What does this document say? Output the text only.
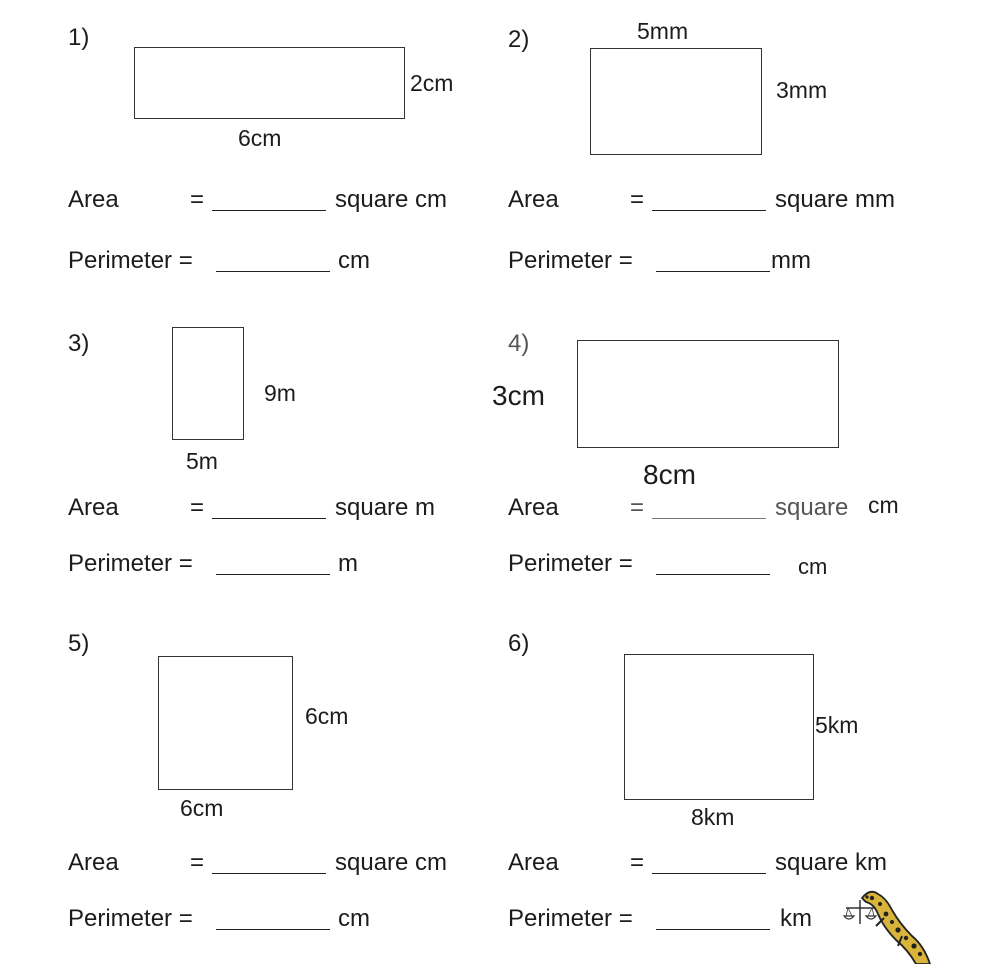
1)
2cm
6cm
Area	=	square cm
Perimeter =	cm
2)	5mm
3mm
Area	=	square mm
Perimeter =	mm
3)
9m
5m
Area	=	square m
Perimeter =	m
4)
3cm
8cm
Area	=	square cm
Perimeter =	cm
5)
6cm
6cm
Area	=	square cm
Perimeter =	cm
6)
5km
8km
Area	=	square km
Perimeter =	km
